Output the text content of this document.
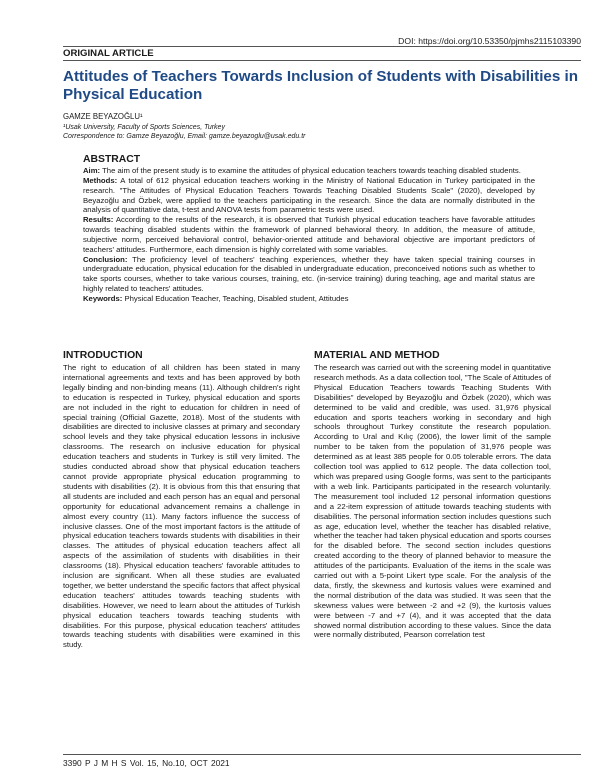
DOI: https://doi.org/10.53350/pjmhs2115103390
ORIGINAL ARTICLE
Attitudes of Teachers Towards Inclusion of Students with Disabilities in Physical Education
GAMZE BEYAZOĞLU¹
¹Usak University, Faculty of Sports Sciences, Turkey
Correspondence to: Gamze Beyazoğlu, Email: gamze.beyazoglu@usak.edu.tr
ABSTRACT

Aim: The aim of the present study is to examine the attitudes of physical education teachers towards teaching disabled students.

Methods: A total of 612 physical education teachers working in the Ministry of National Education in Turkey participated in the research. "The Attitudes of Physical Education Teachers Towards Teaching Disabled Students Scale" (2020), developed by Beyazoğlu and Özbek, were applied to the teachers participating in the research. Since the data are normally distributed in the analysis of quantitative data, t-test and ANOVA tests from parametric tests were used.

Results: According to the results of the research, it is observed that Turkish physical education teachers have favorable attitudes towards teaching disabled students within the framework of planned behavioral theory. In addition, the measure of attitude, subjective norm, perceived behavioral control, behavior-oriented attitude and behavioral objective are important predictors of teachers' attitudes. Furthermore, each dimension is highly correlated with some variables.

Conclusion: The proficiency level of teachers' teaching experiences, whether they have taken special training courses in undergraduate education, physical education for the disabled in undergraduate education, preconceived notions such as whether to take sports courses, whether to take various courses, training, etc. (in-service training) during teaching, age and marital status are highly related to teachers' attitudes.

Keywords: Physical Education Teacher, Teaching, Disabled student, Attitudes

INTRODUCTION

The right to education of all children has been stated in many international agreements and texts and has been approved by both legally binding and non-binding means (11). Although children's right to education is respected in Turkey, physical education and sports are not included in the right to education for children in need of special training (Official Gazette, 2018). Most of the students with disabilities are directed to inclusive classes at primary and secondary school levels and they take physical education lessons in inclusive classrooms. The research on inclusive education for physical education teachers and students in Turkey is still very limited. The studies conducted abroad show that physical education teachers cannot provide appropriate physical education programming to students with disabilities (2). It is obvious from this that ensuring that all students are included and each person has an equal and personal opportunity for educational advancement remains a challenge in almost every country (11). Many factors influence the success of inclusive classes. One of the most important factors is the attitude of physical education teachers towards students with disabilities in their classes. The attitudes of physical education teachers affect all aspects of the assimilation of students with disabilities in their classrooms (18). Physical education teachers' favorable attitudes to inclusion are significant. When all these studies are evaluated together, we better understand the specific factors that affect physical education teachers' attitudes towards teaching students with disabilities. However, we need to learn about the attitudes of Turkish physical education teachers towards teaching students with disabilities. For this purpose, physical education teachers' attitudes towards teaching students with disabilities were examined in this study.

MATERIAL AND METHOD

The research was carried out with the screening model in quantitative research methods. As a data collection tool, "The Scale of Attitudes of Physical Education Teachers towards Teaching Students With Disabilities" developed by Beyazoğlu and Özbek (2020), which was determined to be valid and credible, was used. 31,976 physical education and sports teachers working in secondary and high schools throughout Turkey constitute the research population. According to Ural and Kılıç (2006), the lower limit of the sample number to be taken from the population of 31,976 people was determined as at least 385 people for 0.05 tolerable errors. The data collection tool was applied to 612 people. The data collection tool, which was prepared using Google forms, was sent to the participants with a web link. Participants participated in the research voluntarily. The measurement tool included 12 personal information questions and a 22-item expression of attitude towards teaching students with disabilities. The personal information section includes questions such as age, education level, whether the teacher has disabled relative, whether the teacher had taken physical education and sports courses for the disabled before. The second section includes questions created according to the theory of planned behavior to measure the attitudes of the participants. Evaluation of the items in the scale was carried out with a 5-point Likert type scale. For the analysis of the data, firstly, the skewness and kurtosis values were examined and the normal distribution of the data was studied. It was seen that the skewness values were between -2 and +2 (9), the kurtosis values were between -7 and +7 (4), and it was accepted that the data showed normal distribution according to these values. Since the data were normally distributed, Pearson correlation test

3390 P J M H S Vol. 15, No.10, OCT 2021
